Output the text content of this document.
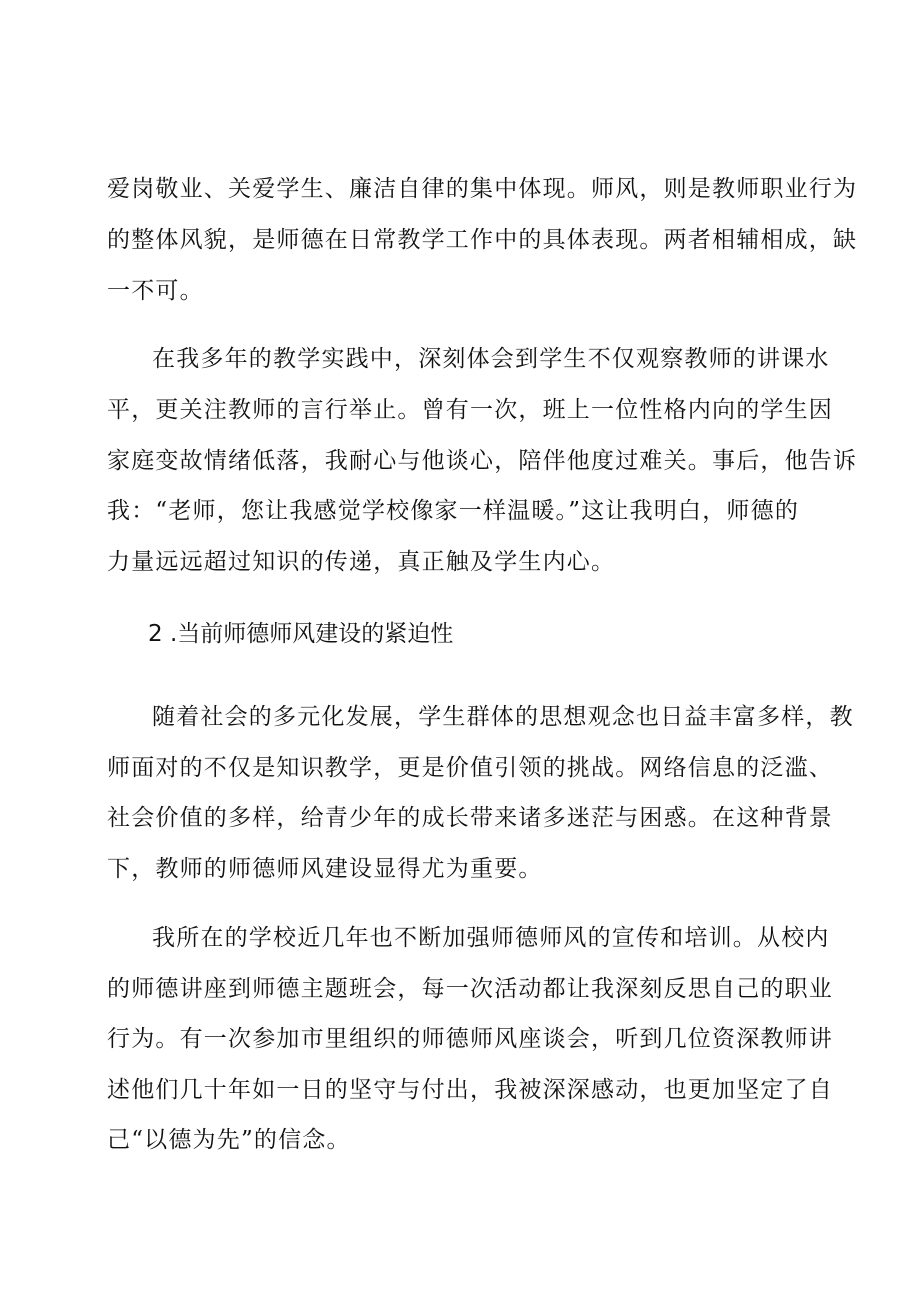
爱岗敬业、关爱学生、廉洁自律的集中体现。师风，则是教师职业行为
的整体风貌，是师德在日常教学工作中的具体表现。两者相辅相成，缺
一不可。
在我多年的教学实践中，深刻体会到学生不仅观察教师的讲课水
平，更关注教师的言行举止。曾有一次，班上一位性格内向的学生因
家庭变故情绪低落，我耐心与他谈心，陪伴他度过难关。事后，他告诉
我：“老师，您让我感觉学校像家一样温暖。”这让我明白，师德的
力量远远超过知识的传递，真正触及学生内心。
2 .当前师德师风建设的紧迫性
随着社会的多元化发展，学生群体的思想观念也日益丰富多样，教
师面对的不仅是知识教学，更是价值引领的挑战。网络信息的泛滥、
社会价值的多样，给青少年的成长带来诸多迷茫与困惑。在这种背景
下，教师的师德师风建设显得尤为重要。
我所在的学校近几年也不断加强师德师风的宣传和培训。从校内
的师德讲座到师德主题班会，每一次活动都让我深刻反思自己的职业
行为。有一次参加市里组织的师德师风座谈会，听到几位资深教师讲
述他们几十年如一日的坚守与付出，我被深深感动，也更加坚定了自
己“以德为先”的信念。
